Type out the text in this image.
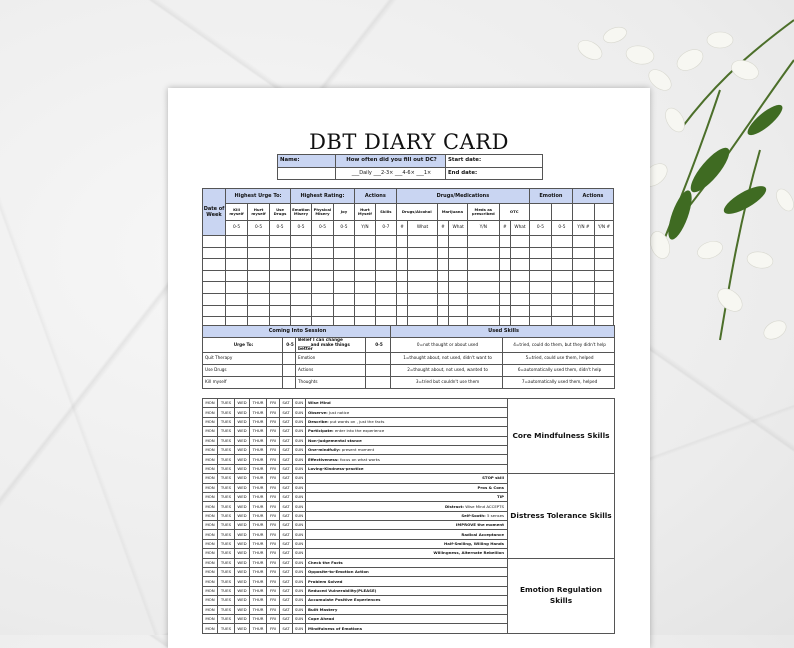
DBT DIARY CARD
Name:	How often did you fill out DC?	Start date:
	___Daily ___2-3× ___4-6× ___1×	End date:
Date of Week	Highest Urge To:			Highest Rating:			Actions		Drugs/Medications							Emotion		Actions	
	Kill myself	Hurt myself	Use Drugs	Emotion Misery	Physical Misery	Joy	Hurt Myself	Skills	Drugs/Alcohol		Marijuana		Meds as prescribed	OTC					
	0-5	0-5	0-5	0-5	0-5	0-5	Y/N	0-7	#	What	#	What	Y/N	#	What	0-5	0-5	Y/N #	Y/N #

Coming Into Session				Used Skills	
Urge To:	0-5	Belief I can change ______and make things better	0-5	0=not thought or about used	4=tried, could do them, but they didn't help
Quit Therapy		Emotion		1=thought about, not used, didn't want to	5=tried, could use them, helped
Use Drugs		Actions		2=thought about, not used, wanted to	6=automatically used them, didn't help
Kill myself		Thoughts		3=tried but couldn't use them	7=automatically used them, helped
MON	TUES	WED	THUR	FRI	SAT	SUN	Wise Mind	Core Mindfulness Skills
MON	TUES	WED	THUR	FRI	SAT	SUN	Observe: Just notice	
MON	TUES	WED	THUR	FRI	SAT	SUN	Describe: put words on , just the facts	
MON	TUES	WED	THUR	FRI	SAT	SUN	Participate: enter into the experience	
MON	TUES	WED	THUR	FRI	SAT	SUN	Non-judgemental stance	
MON	TUES	WED	THUR	FRI	SAT	SUN	One-mindfully: present moment	
MON	TUES	WED	THUR	FRI	SAT	SUN	Effectiveness: focus on what works	
MON	TUES	WED	THUR	FRI	SAT	SUN	Loving-Kindness-practice	
MON	TUES	WED	THUR	FRI	SAT	SUN	STOP skill	Distress Tolerance Skills
MON	TUES	WED	THUR	FRI	SAT	SUN	Pros & Cons	
MON	TUES	WED	THUR	FRI	SAT	SUN	TIP	
MON	TUES	WED	THUR	FRI	SAT	SUN	Distract: Wise Mind ACCEPTS	
MON	TUES	WED	THUR	FRI	SAT	SUN	Self-Sooth: 5 senses	
MON	TUES	WED	THUR	FRI	SAT	SUN	IMPROVE the moment	
MON	TUES	WED	THUR	FRI	SAT	SUN	Radical Acceptance	
MON	TUES	WED	THUR	FRI	SAT	SUN	Half-Smiling, Willing Hands	
MON	TUES	WED	THUR	FRI	SAT	SUN	Willingness, Alternate Rebellion	
MON	TUES	WED	THUR	FRI	SAT	SUN	Check the Facts	Emotion Regulation Skills
MON	TUES	WED	THUR	FRI	SAT	SUN	Opposite-to-Emotion Action	
MON	TUES	WED	THUR	FRI	SAT	SUN	Problem Solved	
MON	TUES	WED	THUR	FRI	SAT	SUN	Reduced Vulnerability(PLEASE)	
MON	TUES	WED	THUR	FRI	SAT	SUN	Accumulate Positive Experiences	
MON	TUES	WED	THUR	FRI	SAT	SUN	Built Mastery	
MON	TUES	WED	THUR	FRI	SAT	SUN	Cope Ahead	
MON	TUES	WED	THUR	FRI	SAT	SUN	Mindfulness of Emotions	
